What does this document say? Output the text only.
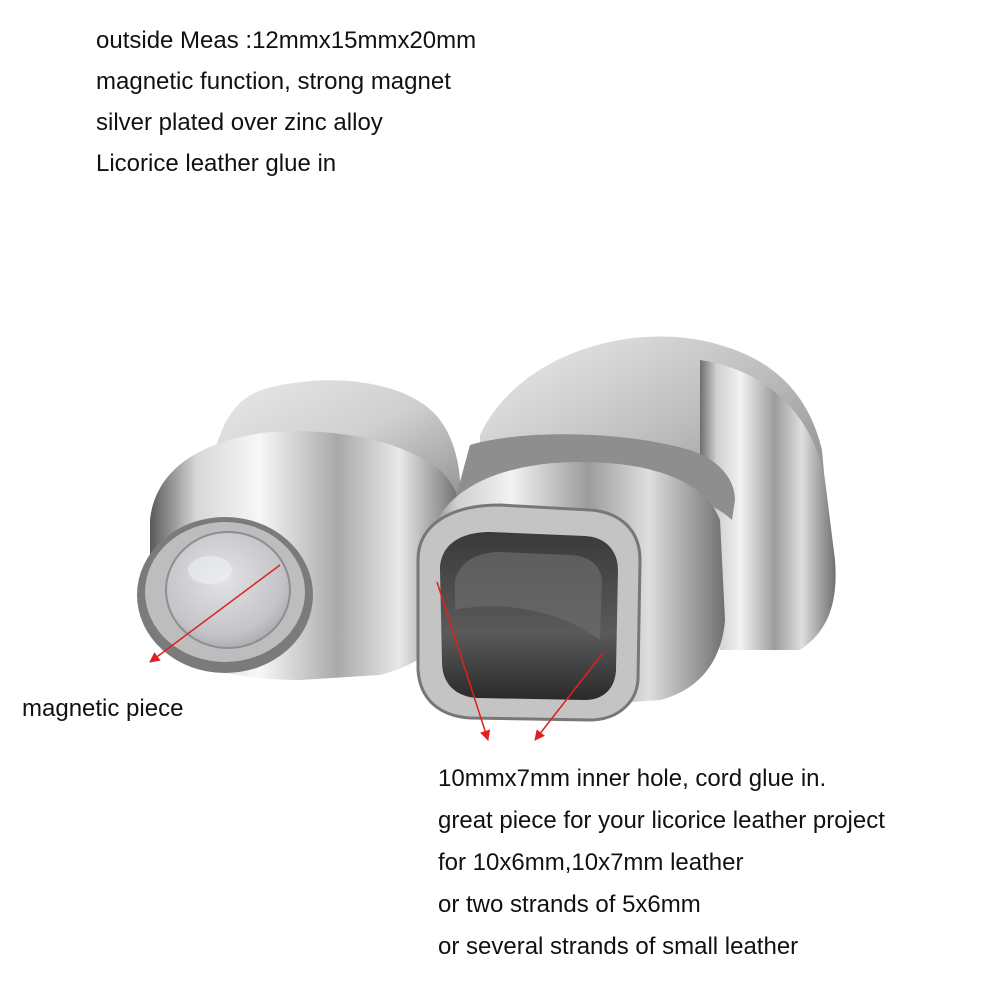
outside Meas :12mmx15mmx20mm
magnetic function, strong magnet
silver plated over zinc alloy
Licorice leather glue in
magnetic piece
10mmx7mm inner hole, cord glue in.
great piece for your licorice leather project
for 10x6mm,10x7mm leather
or two strands of 5x6mm
or several strands of small leather
